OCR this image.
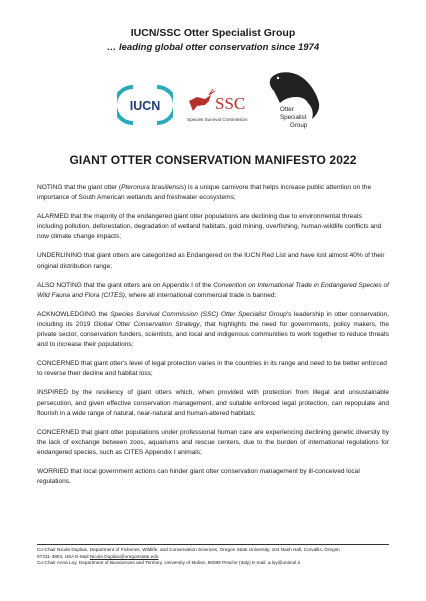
IUCN/SSC Otter Specialist Group
… leading global otter conservation since 1974
IUCN	SSC
Species Survival Commission
Otter
Specialist
Group
GIANT OTTER CONSERVATION MANIFESTO 2022

NOTING that the giant otter (Pteronura brasiliensis) is a unique carnivore that helps increase public attention on the importance of South American wetlands and freshwater ecosystems;

ALARMED that the majority of the endangered giant otter populations are declining due to environmental threats including pollution, deforestation, degradation of wetland habitats, gold mining, overfishing, human-wildlife conflicts and now climate change impacts;

UNDERLINING that giant otters are categorized as Endangered on the IUCN Red List and have lost almost 40% of their original distribution range;

ALSO NOTING that the giant otters are on Appendix I of the Convention on International Trade in Endangered Species of Wild Fauna and Flora (CITES), where all international commercial trade is banned;

ACKNOWLEDGING the Species Survival Commission (SSC) Otter Specialist Group's leadership in otter conservation, including its 2019 Global Otter Conservation Strategy, that highlights the need for governments, policy makers, the private sector, conservation funders, scientists, and local and indigenous communities to work together to reduce threats and to increase their populations;

CONCERNED that giant otter's level of legal protection varies in the countries in its range and need to be better enforced to reverse their decline and habitat loss;

INSPIRED by the resiliency of giant otters which, when provided with protection from illegal and unsustainable persecution, and given effective conservation management, and suitable enforced legal protection, can repopulate and flourish in a wide range of natural, near-natural and human-altered habitats;

CONCERNED that giant otter populations under professional human care are experiencing declining genetic diversity by the lack of exchange between zoos, aquariums and rescue centers, due to the burden of international regulations for endangered species, such as CITES Appendix I animals;

WORRIED that local government actions can hinder giant otter conservation management by ill-conceived local regulations.

Co-Chair Nicole Duplaix, Department of Fisheries, Wildlife, and Conservation Sciences, Oregon State University, 104 Nash Hall, Corvallis, Oregon
97331-3803, USA E-Mail Nicole.Duplaix@oregonstate.edu
Co-Chair Anna Loy, Department of Biosciences and Territory, University of Molise, 86089 Pesche (Italy) E-mail: a.loy@unimol.it
